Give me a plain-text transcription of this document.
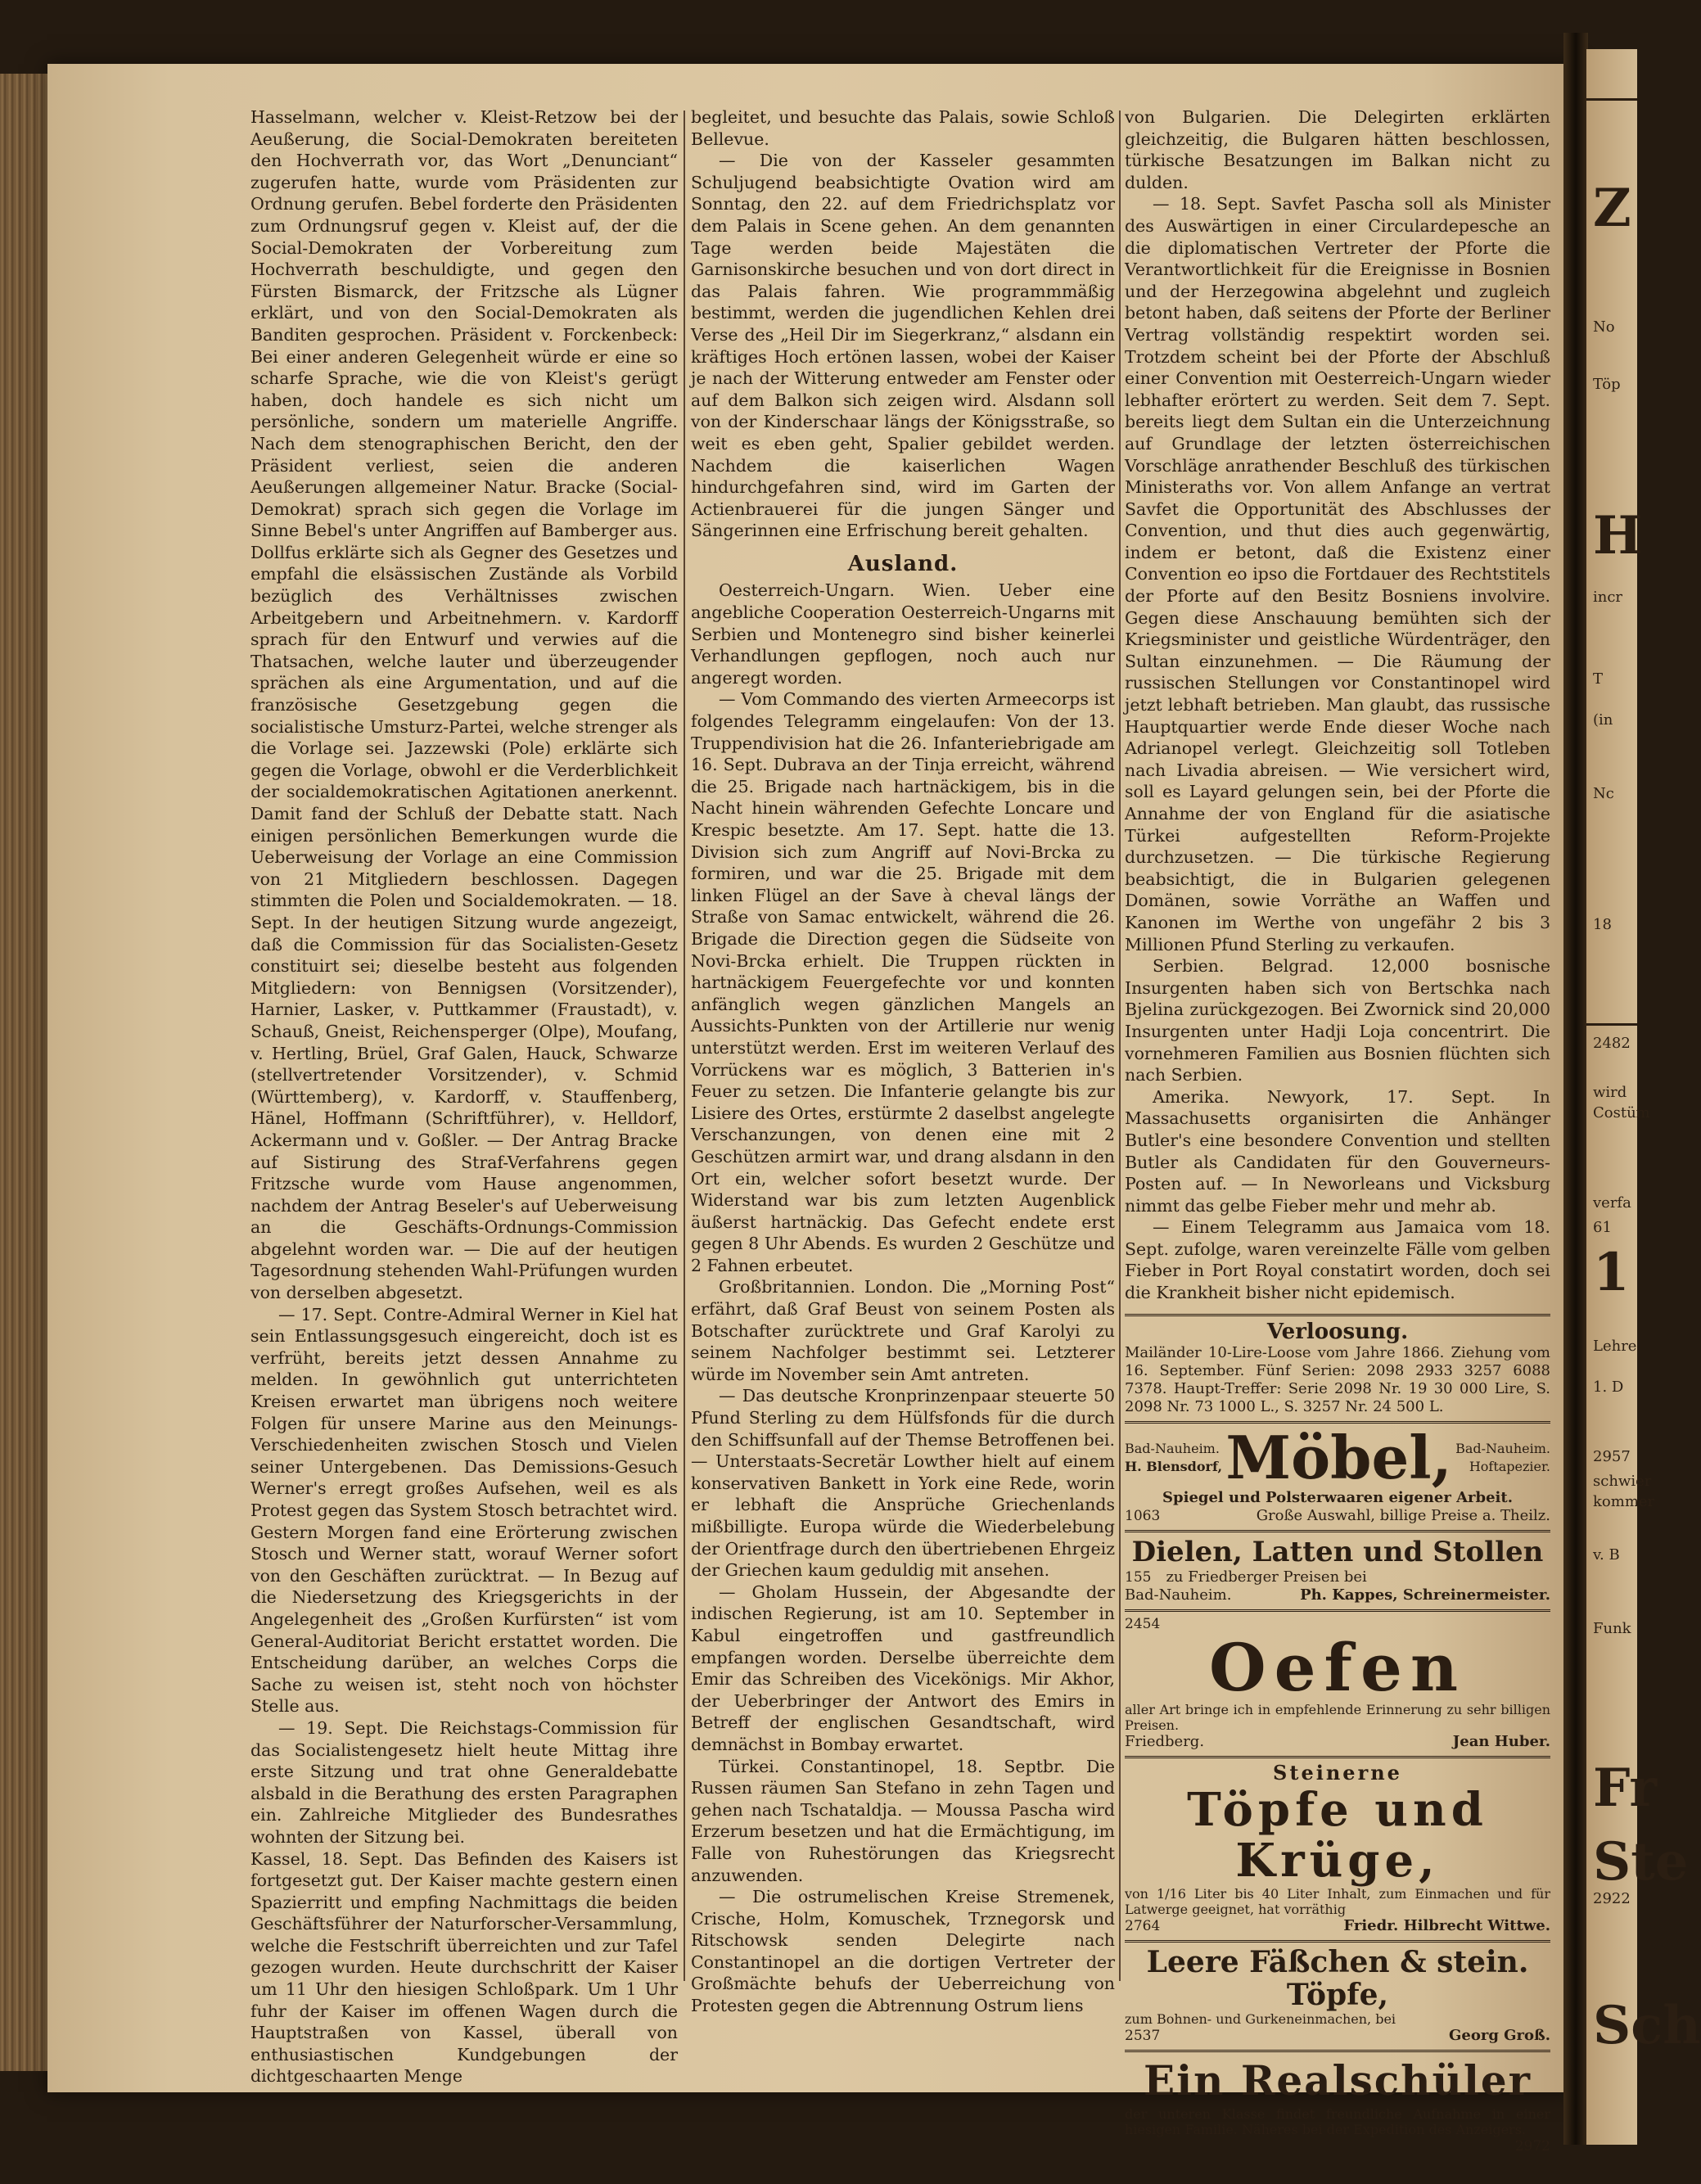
Z
No
Töp
H
incr
T
(in
Nc
18
2482
wird
Costüm
verfa
61
1
Lehre
1. D
2957
schwier
kommer
v. B
Funk
Fr
Ste
2922
Sch

Hasselmann, welcher v. Kleist-Retzow bei der Aeußerung, die Social-Demokraten bereiteten den Hochverrath vor, das Wort „Denunciant“ zugerufen hatte, wurde vom Präsidenten zur Ordnung gerufen. Bebel forderte den Präsidenten zum Ordnungsruf gegen v. Kleist auf, der die Social-Demokraten der Vorbereitung zum Hochverrath beschuldigte, und gegen den Fürsten Bismarck, der Fritzsche als Lügner erklärt, und von den Social-Demokraten als Banditen gesprochen. Präsident v. Forckenbeck: Bei einer anderen Gelegenheit würde er eine so scharfe Sprache, wie die von Kleist's gerügt haben, doch handele es sich nicht um persönliche, sondern um materielle Angriffe. Nach dem stenographischen Bericht, den der Präsident verliest, seien die anderen Aeußerungen allgemeiner Natur. Bracke (Social-Demokrat) sprach sich gegen die Vorlage im Sinne Bebel's unter Angriffen auf Bamberger aus. Dollfus erklärte sich als Gegner des Gesetzes und empfahl die elsässischen Zustände als Vorbild bezüglich des Verhältnisses zwischen Arbeitgebern und Arbeitnehmern. v. Kardorff sprach für den Entwurf und verwies auf die Thatsachen, welche lauter und überzeugender sprächen als eine Argumentation, und auf die französische Gesetzgebung gegen die socialistische Umsturz-Partei, welche strenger als die Vorlage sei. Jazzewski (Pole) erklärte sich gegen die Vorlage, obwohl er die Verderblichkeit der socialdemokratischen Agitationen anerkennt. Damit fand der Schluß der Debatte statt. Nach einigen persönlichen Bemerkungen wurde die Ueberweisung der Vorlage an eine Commission von 21 Mitgliedern beschlossen. Dagegen stimmten die Polen und Socialdemokraten. — 18. Sept. In der heutigen Sitzung wurde angezeigt, daß die Commission für das Socialisten-Gesetz constituirt sei; dieselbe besteht aus folgenden Mitgliedern: von Bennigsen (Vorsitzender), Harnier, Lasker, v. Puttkammer (Fraustadt), v. Schauß, Gneist, Reichensperger (Olpe), Moufang, v. Hertling, Brüel, Graf Galen, Hauck, Schwarze (stellvertretender Vorsitzender), v. Schmid (Württemberg), v. Kardorff, v. Stauffenberg, Hänel, Hoffmann (Schriftführer), v. Helldorf, Ackermann und v. Goßler. — Der Antrag Bracke auf Sistirung des Straf-Verfahrens gegen Fritzsche wurde vom Hause angenommen, nachdem der Antrag Beseler's auf Ueberweisung an die Geschäfts-Ordnungs-Commission abgelehnt worden war. — Die auf der heutigen Tagesordnung stehenden Wahl-Prüfungen wurden von derselben abgesetzt.

— 17. Sept. Contre-Admiral Werner in Kiel hat sein Entlassungsgesuch eingereicht, doch ist es verfrüht, bereits jetzt dessen Annahme zu melden. In gewöhnlich gut unterrichteten Kreisen erwartet man übrigens noch weitere Folgen für unsere Marine aus den Meinungs-Verschiedenheiten zwischen Stosch und Vielen seiner Untergebenen. Das Demissions-Gesuch Werner's erregt großes Aufsehen, weil es als Protest gegen das System Stosch betrachtet wird. Gestern Morgen fand eine Erörterung zwischen Stosch und Werner statt, worauf Werner sofort von den Geschäften zurücktrat. — In Bezug auf die Niedersetzung des Kriegsgerichts in der Angelegenheit des „Großen Kurfürsten“ ist vom General-Auditoriat Bericht erstattet worden. Die Entscheidung darüber, an welches Corps die Sache zu weisen ist, steht noch von höchster Stelle aus.

— 19. Sept. Die Reichstags-Commission für das Socialistengesetz hielt heute Mittag ihre erste Sitzung und trat ohne Generaldebatte alsbald in die Berathung des ersten Paragraphen ein. Zahlreiche Mitglieder des Bundesrathes wohnten der Sitzung bei.

Kassel, 18. Sept. Das Befinden des Kaisers ist fortgesetzt gut. Der Kaiser machte gestern einen Spazierritt und empfing Nachmittags die beiden Geschäftsführer der Naturforscher-Versammlung, welche die Festschrift überreichten und zur Tafel gezogen wurden. Heute durchschritt der Kaiser um 11 Uhr den hiesigen Schloßpark. Um 1 Uhr fuhr der Kaiser im offenen Wagen durch die Hauptstraßen von Kassel, überall von enthusiastischen Kundgebungen der dichtgeschaarten Menge

begleitet, und besuchte das Palais, sowie Schloß Bellevue.

— Die von der Kasseler gesammten Schuljugend beabsichtigte Ovation wird am Sonntag, den 22. auf dem Friedrichsplatz vor dem Palais in Scene gehen. An dem genannten Tage werden beide Majestäten die Garnisonskirche besuchen und von dort direct in das Palais fahren. Wie programmmäßig bestimmt, werden die jugendlichen Kehlen drei Verse des „Heil Dir im Siegerkranz,“ alsdann ein kräftiges Hoch ertönen lassen, wobei der Kaiser je nach der Witterung entweder am Fenster oder auf dem Balkon sich zeigen wird. Alsdann soll von der Kinderschaar längs der Königsstraße, so weit es eben geht, Spalier gebildet werden. Nachdem die kaiserlichen Wagen hindurchgefahren sind, wird im Garten der Actienbrauerei für die jungen Sänger und Sängerinnen eine Erfrischung bereit gehalten.

Ausland.

Oesterreich-Ungarn. Wien. Ueber eine angebliche Cooperation Oesterreich-Ungarns mit Serbien und Montenegro sind bisher keinerlei Verhandlungen gepflogen, noch auch nur angeregt worden.

— Vom Commando des vierten Armeecorps ist folgendes Telegramm eingelaufen: Von der 13. Truppendivision hat die 26. Infanteriebrigade am 16. Sept. Dubrava an der Tinja erreicht, während die 25. Brigade nach hartnäckigem, bis in die Nacht hinein währenden Gefechte Loncare und Krespic besetzte. Am 17. Sept. hatte die 13. Division sich zum Angriff auf Novi-Brcka zu formiren, und war die 25. Brigade mit dem linken Flügel an der Save à cheval längs der Straße von Samac entwickelt, während die 26. Brigade die Direction gegen die Südseite von Novi-Brcka erhielt. Die Truppen rückten in hartnäckigem Feuergefechte vor und konnten anfänglich wegen gänzlichen Mangels an Aussichts-Punkten von der Artillerie nur wenig unterstützt werden. Erst im weiteren Verlauf des Vorrückens war es möglich, 3 Batterien in's Feuer zu setzen. Die Infanterie gelangte bis zur Lisiere des Ortes, erstürmte 2 daselbst angelegte Verschanzungen, von denen eine mit 2 Geschützen armirt war, und drang alsdann in den Ort ein, welcher sofort besetzt wurde. Der Widerstand war bis zum letzten Augenblick äußerst hartnäckig. Das Gefecht endete erst gegen 8 Uhr Abends. Es wurden 2 Geschütze und 2 Fahnen erbeutet.

Großbritannien. London. Die „Morning Post“ erfährt, daß Graf Beust von seinem Posten als Botschafter zurücktrete und Graf Karolyi zu seinem Nachfolger bestimmt sei. Letzterer würde im November sein Amt antreten.

— Das deutsche Kronprinzenpaar steuerte 50 Pfund Sterling zu dem Hülfsfonds für die durch den Schiffsunfall auf der Themse Betroffenen bei. — Unterstaats-Secretär Lowther hielt auf einem konservativen Bankett in York eine Rede, worin er lebhaft die Ansprüche Griechenlands mißbilligte. Europa würde die Wiederbelebung der Orientfrage durch den übertriebenen Ehrgeiz der Griechen kaum geduldig mit ansehen.

— Gholam Hussein, der Abgesandte der indischen Regierung, ist am 10. September in Kabul eingetroffen und gastfreundlich empfangen worden. Derselbe überreichte dem Emir das Schreiben des Vicekönigs. Mir Akhor, der Ueberbringer der Antwort des Emirs in Betreff der englischen Gesandtschaft, wird demnächst in Bombay erwartet.

Türkei. Constantinopel, 18. Septbr. Die Russen räumen San Stefano in zehn Tagen und gehen nach Tschataldja. — Moussa Pascha wird Erzerum besetzen und hat die Ermächtigung, im Falle von Ruhestörungen das Kriegsrecht anzuwenden.

— Die ostrumelischen Kreise Stremenek, Crische, Holm, Komuschek, Trznegorsk und Ritschowsk senden Delegirte nach Constantinopel an die dortigen Vertreter der Großmächte behufs der Ueberreichung von Protesten gegen die Abtrennung Ostrum liens

von Bulgarien. Die Delegirten erklärten gleichzeitig, die Bulgaren hätten beschlossen, türkische Besatzungen im Balkan nicht zu dulden.

— 18. Sept. Savfet Pascha soll als Minister des Auswärtigen in einer Circulardepesche an die diplomatischen Vertreter der Pforte die Verantwortlichkeit für die Ereignisse in Bosnien und der Herzegowina abgelehnt und zugleich betont haben, daß seitens der Pforte der Berliner Vertrag vollständig respektirt worden sei. Trotzdem scheint bei der Pforte der Abschluß einer Convention mit Oesterreich-Ungarn wieder lebhafter erörtert zu werden. Seit dem 7. Sept. bereits liegt dem Sultan ein die Unterzeichnung auf Grundlage der letzten österreichischen Vorschläge anrathender Beschluß des türkischen Ministeraths vor. Von allem Anfange an vertrat Savfet die Opportunität des Abschlusses der Convention, und thut dies auch gegenwärtig, indem er betont, daß die Existenz einer Convention eo ipso die Fortdauer des Rechtstitels der Pforte auf den Besitz Bosniens involvire. Gegen diese Anschauung bemühten sich der Kriegsminister und geistliche Würdenträger, den Sultan einzunehmen. — Die Räumung der russischen Stellungen vor Constantinopel wird jetzt lebhaft betrieben. Man glaubt, das russische Hauptquartier werde Ende dieser Woche nach Adrianopel verlegt. Gleichzeitig soll Totleben nach Livadia abreisen. — Wie versichert wird, soll es Layard gelungen sein, bei der Pforte die Annahme der von England für die asiatische Türkei aufgestellten Reform-Projekte durchzusetzen. — Die türkische Regierung beabsichtigt, die in Bulgarien gelegenen Domänen, sowie Vorräthe an Waffen und Kanonen im Werthe von ungefähr 2 bis 3 Millionen Pfund Sterling zu verkaufen.

Serbien. Belgrad. 12,000 bosnische Insurgenten haben sich von Bertschka nach Bjelina zurückgezogen. Bei Zwornick sind 20,000 Insurgenten unter Hadji Loja concentrirt. Die vornehmeren Familien aus Bosnien flüchten sich nach Serbien.

Amerika. Newyork, 17. Sept. In Massachusetts organisirten die Anhänger Butler's eine besondere Convention und stellten Butler als Candidaten für den Gouverneurs-Posten auf. — In Neworleans und Vicksburg nimmt das gelbe Fieber mehr und mehr ab.

— Einem Telegramm aus Jamaica vom 18. Sept. zufolge, waren vereinzelte Fälle vom gelben Fieber in Port Royal constatirt worden, doch sei die Krankheit bisher nicht epidemisch.

Verloosung.
Mailänder 10-Lire-Loose vom Jahre 1866. Ziehung vom 16. September. Fünf Serien: 2098 2933 3257 6088 7378. Haupt-Treffer: Serie 2098 Nr. 19 30 000 Lire, S. 2098 Nr. 73 1000 L., S. 3257 Nr. 24 500 L.
Bad-Nauheim.
H. Blensdorf, Möbel, Bad-Nauheim.
Hoftapezier.
Spiegel und Polsterwaaren eigener Arbeit.
1063	Große Auswahl, billige Preise a. Theilz.
Dielen, Latten und Stollen
155 zu Friedberger Preisen bei
Bad-Nauheim.	Ph. Kappes, Schreinermeister.
2454
Oefen
aller Art bringe ich in empfehlende Erinnerung zu sehr billigen Preisen.
Friedberg.	Jean Huber.
Steinerne
Töpfe und Krüge,
von 1/16 Liter bis 40 Liter Inhalt, zum Einmachen und für Latwerge geeignet, hat vorräthig
2764	Friedr. Hilbrecht Wittwe.
Leere Fäßchen & stein. Töpfe,
zum Bohnen- und Gurkeneinmachen, bei
2537	Georg Groß.
Ein Realschüler
der unteren Klasse findet freundliche Aufnahme in einer hiesigen Familie. Näheres bei der Expedition des Anzeigers.
2972
